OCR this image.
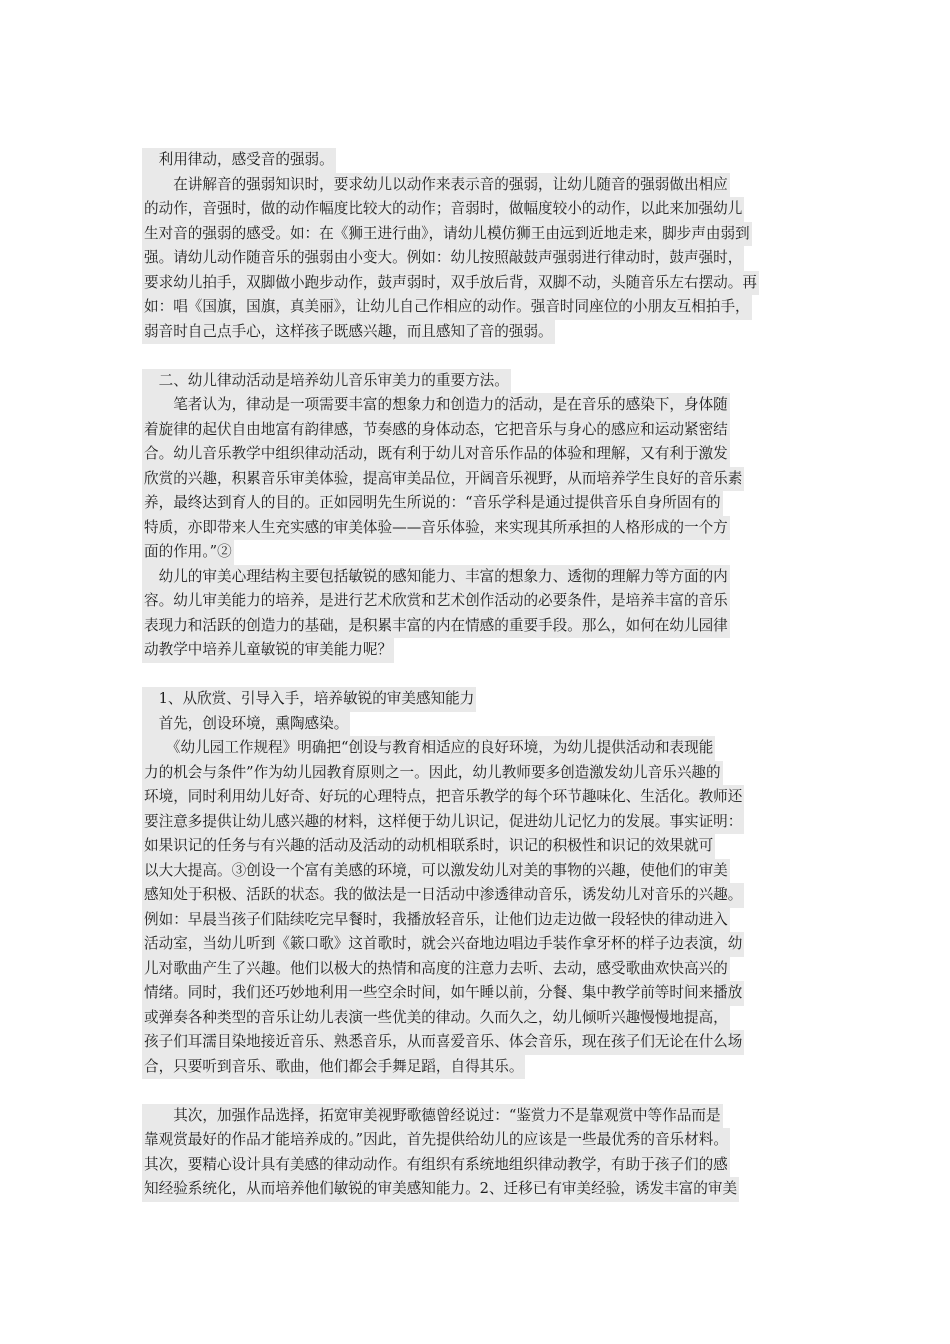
　利用律动，感受音的强弱。
　　在讲解音的强弱知识时，要求幼儿以动作来表示音的强弱，让幼儿随音的强弱做出相应
的动作，音强时，做的动作幅度比较大的动作；音弱时，做幅度较小的动作，以此来加强幼儿
生对音的强弱的感受。如：在《狮王进行曲》，请幼儿模仿狮王由远到近地走来，脚步声由弱到
强。请幼儿动作随音乐的强弱由小变大。例如：幼儿按照敲鼓声强弱进行律动时，鼓声强时，
要求幼儿拍手，双脚做小跑步动作，鼓声弱时，双手放后背，双脚不动，头随音乐左右摆动。再
如：唱《国旗，国旗，真美丽》，让幼儿自己作相应的动作。强音时同座位的小朋友互相拍手，
弱音时自己点手心，这样孩子既感兴趣，而且感知了音的强弱。
　二、幼儿律动活动是培养幼儿音乐审美力的重要方法。
　　笔者认为，律动是一项需要丰富的想象力和创造力的活动，是在音乐的感染下，身体随
着旋律的起伏自由地富有韵律感，节奏感的身体动态，它把音乐与身心的感应和运动紧密结
合。幼儿音乐教学中组织律动活动，既有利于幼儿对音乐作品的体验和理解，又有利于激发
欣赏的兴趣，积累音乐审美体验，提高审美品位，开阔音乐视野，从而培养学生良好的音乐素
养，最终达到育人的目的。正如园明先生所说的：“音乐学科是通过提供音乐自身所固有的
特质，亦即带来人生充实感的审美体验——音乐体验，来实现其所承担的人格形成的一个方
面的作用。”②
　幼儿的审美心理结构主要包括敏锐的感知能力、丰富的想象力、透彻的理解力等方面的内
容。幼儿审美能力的培养，是进行艺术欣赏和艺术创作活动的必要条件，是培养丰富的音乐
表现力和活跃的创造力的基础，是积累丰富的内在情感的重要手段。那么，如何在幼儿园律
动教学中培养儿童敏锐的审美能力呢？
　1、从欣赏、引导入手，培养敏锐的审美感知能力
　首先，创设环境，熏陶感染。
　　《幼儿园工作规程》明确把“创设与教育相适应的良好环境，为幼儿提供活动和表现能
力的机会与条件”作为幼儿园教育原则之一。因此，幼儿教师要多创造激发幼儿音乐兴趣的
环境，同时利用幼儿好奇、好玩的心理特点，把音乐教学的每个环节趣味化、生活化。教师还
要注意多提供让幼儿感兴趣的材料，这样便于幼儿识记，促进幼儿记忆力的发展。事实证明：
如果识记的任务与有兴趣的活动及活动的动机相联系时，识记的积极性和识记的效果就可
以大大提高。③创设一个富有美感的环境，可以激发幼儿对美的事物的兴趣，使他们的审美
感知处于积极、活跃的状态。我的做法是一日活动中渗透律动音乐，诱发幼儿对音乐的兴趣。
例如：早晨当孩子们陆续吃完早餐时，我播放轻音乐，让他们边走边做一段轻快的律动进入
活动室，当幼儿听到《簌口歌》这首歌时，就会兴奋地边唱边手装作拿牙杯的样子边表演，幼
儿对歌曲产生了兴趣。他们以极大的热情和高度的注意力去听、去动，感受歌曲欢快高兴的
情绪。同时，我们还巧妙地利用一些空余时间，如午睡以前，分餐、集中教学前等时间来播放
或弹奏各种类型的音乐让幼儿表演一些优美的律动。久而久之，幼儿倾听兴趣慢慢地提高，
孩子们耳濡目染地接近音乐、熟悉音乐，从而喜爱音乐、体会音乐，现在孩子们无论在什么场
合，只要听到音乐、歌曲，他们都会手舞足蹈，自得其乐。
　　其次，加强作品选择，拓宽审美视野歌德曾经说过：“鉴赏力不是靠观赏中等作品而是
靠观赏最好的作品才能培养成的。”因此，首先提供给幼儿的应该是一些最优秀的音乐材料。
其次，要精心设计具有美感的律动动作。有组织有系统地组织律动教学，有助于孩子们的感
知经验系统化，从而培养他们敏锐的审美感知能力。2、迁移已有审美经验，诱发丰富的审美
